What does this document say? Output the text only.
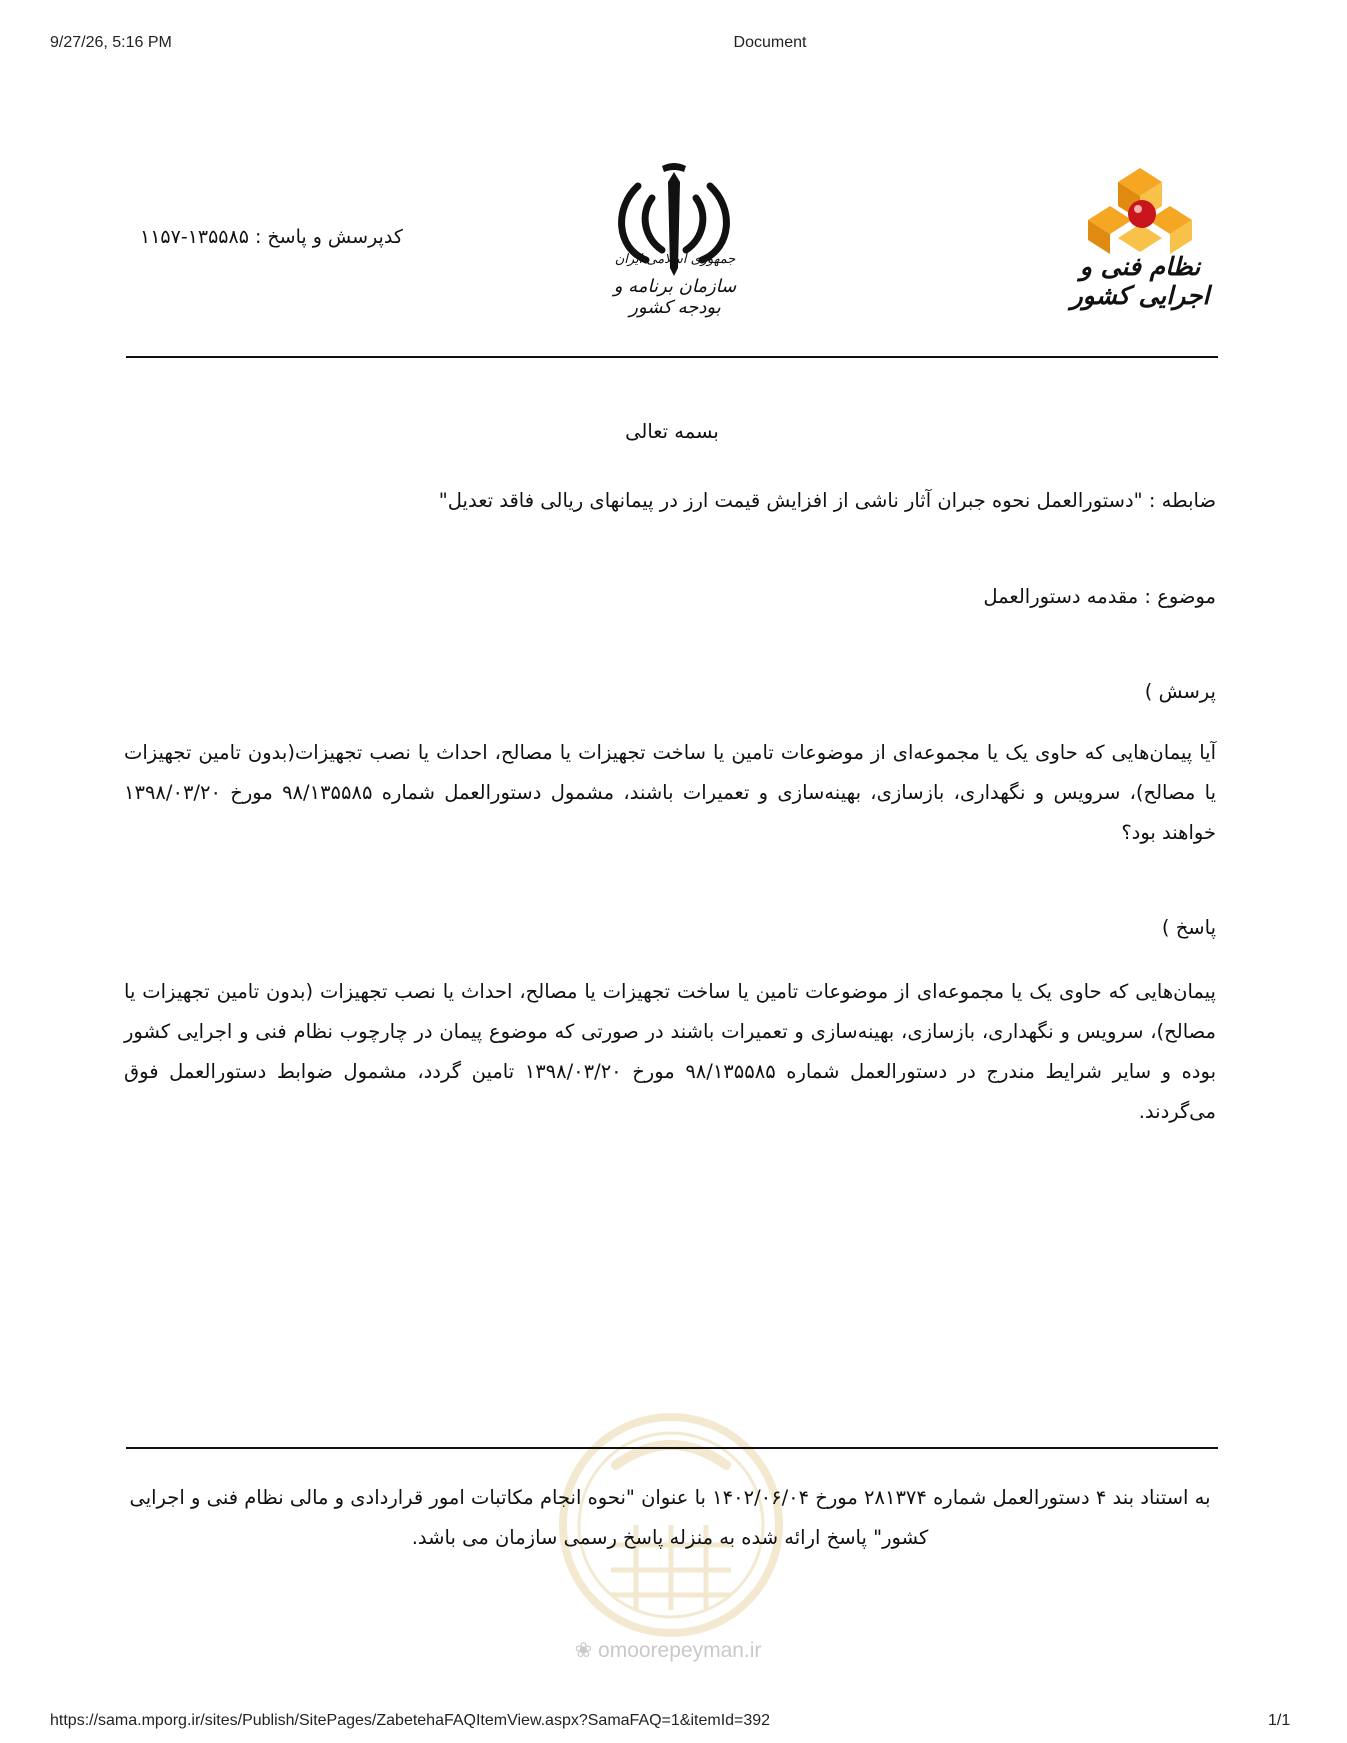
9/27/26, 5:16 PM	Document
کدپرسش و پاسخ : ۱۳۵۵۸۵-۱۱۵۷
جمهوری اسلامی ایران
سازمان برنامه و بودجه کشور
نظام فنی و اجرایی کشور
بسمه تعالی
ضابطه : "دستورالعمل نحوه جبران آثار ناشی از افزایش قیمت ارز در پیمانهای ریالی فاقد تعدیل"
موضوع : مقدمه دستورالعمل
پرسش )
آیا پیمان‌هایی که حاوی یک یا مجموعه‌ای از موضوعات تامین یا ساخت تجهیزات یا مصالح، احداث یا نصب تجهیزات(بدون تامین تجهیزات یا مصالح)، سرویس و نگهداری، بازسازی، بهینه‌سازی و تعمیرات باشند، مشمول دستورالعمل شماره ۹۸/۱۳۵۵۸۵ مورخ ۱۳۹۸/۰۳/۲۰ خواهند بود؟
پاسخ )
پیمان‌هایی که حاوی یک یا مجموعه‌ای از موضوعات تامین یا ساخت تجهیزات یا مصالح، احداث یا نصب تجهیزات (بدون تامین تجهیزات یا مصالح)، سرویس و نگهداری، بازسازی، بهینه‌سازی و تعمیرات باشند در صورتی که موضوع پیمان در چارچوب نظام فنی و اجرایی کشور بوده و سایر شرایط مندرج در دستورالعمل شماره ۹۸/۱۳۵۵۸۵ مورخ ۱۳۹۸/۰۳/۲۰ تامین گردد، مشمول ضوابط دستورالعمل فوق می‌گردند.
❀ omoorepeyman.ir
به استناد بند ۴ دستورالعمل شماره ۲۸۱۳۷۴ مورخ ۱۴۰۲/۰۶/۰۴ با عنوان "نحوه انجام مکاتبات امور قراردادی و مالی نظام فنی و اجرایی کشور" پاسخ ارائه شده به منزله پاسخ رسمی سازمان می باشد.
https://sama.mporg.ir/sites/Publish/SitePages/ZabetehaFAQItemView.aspx?SamaFAQ=1&itemId=392	1/1
